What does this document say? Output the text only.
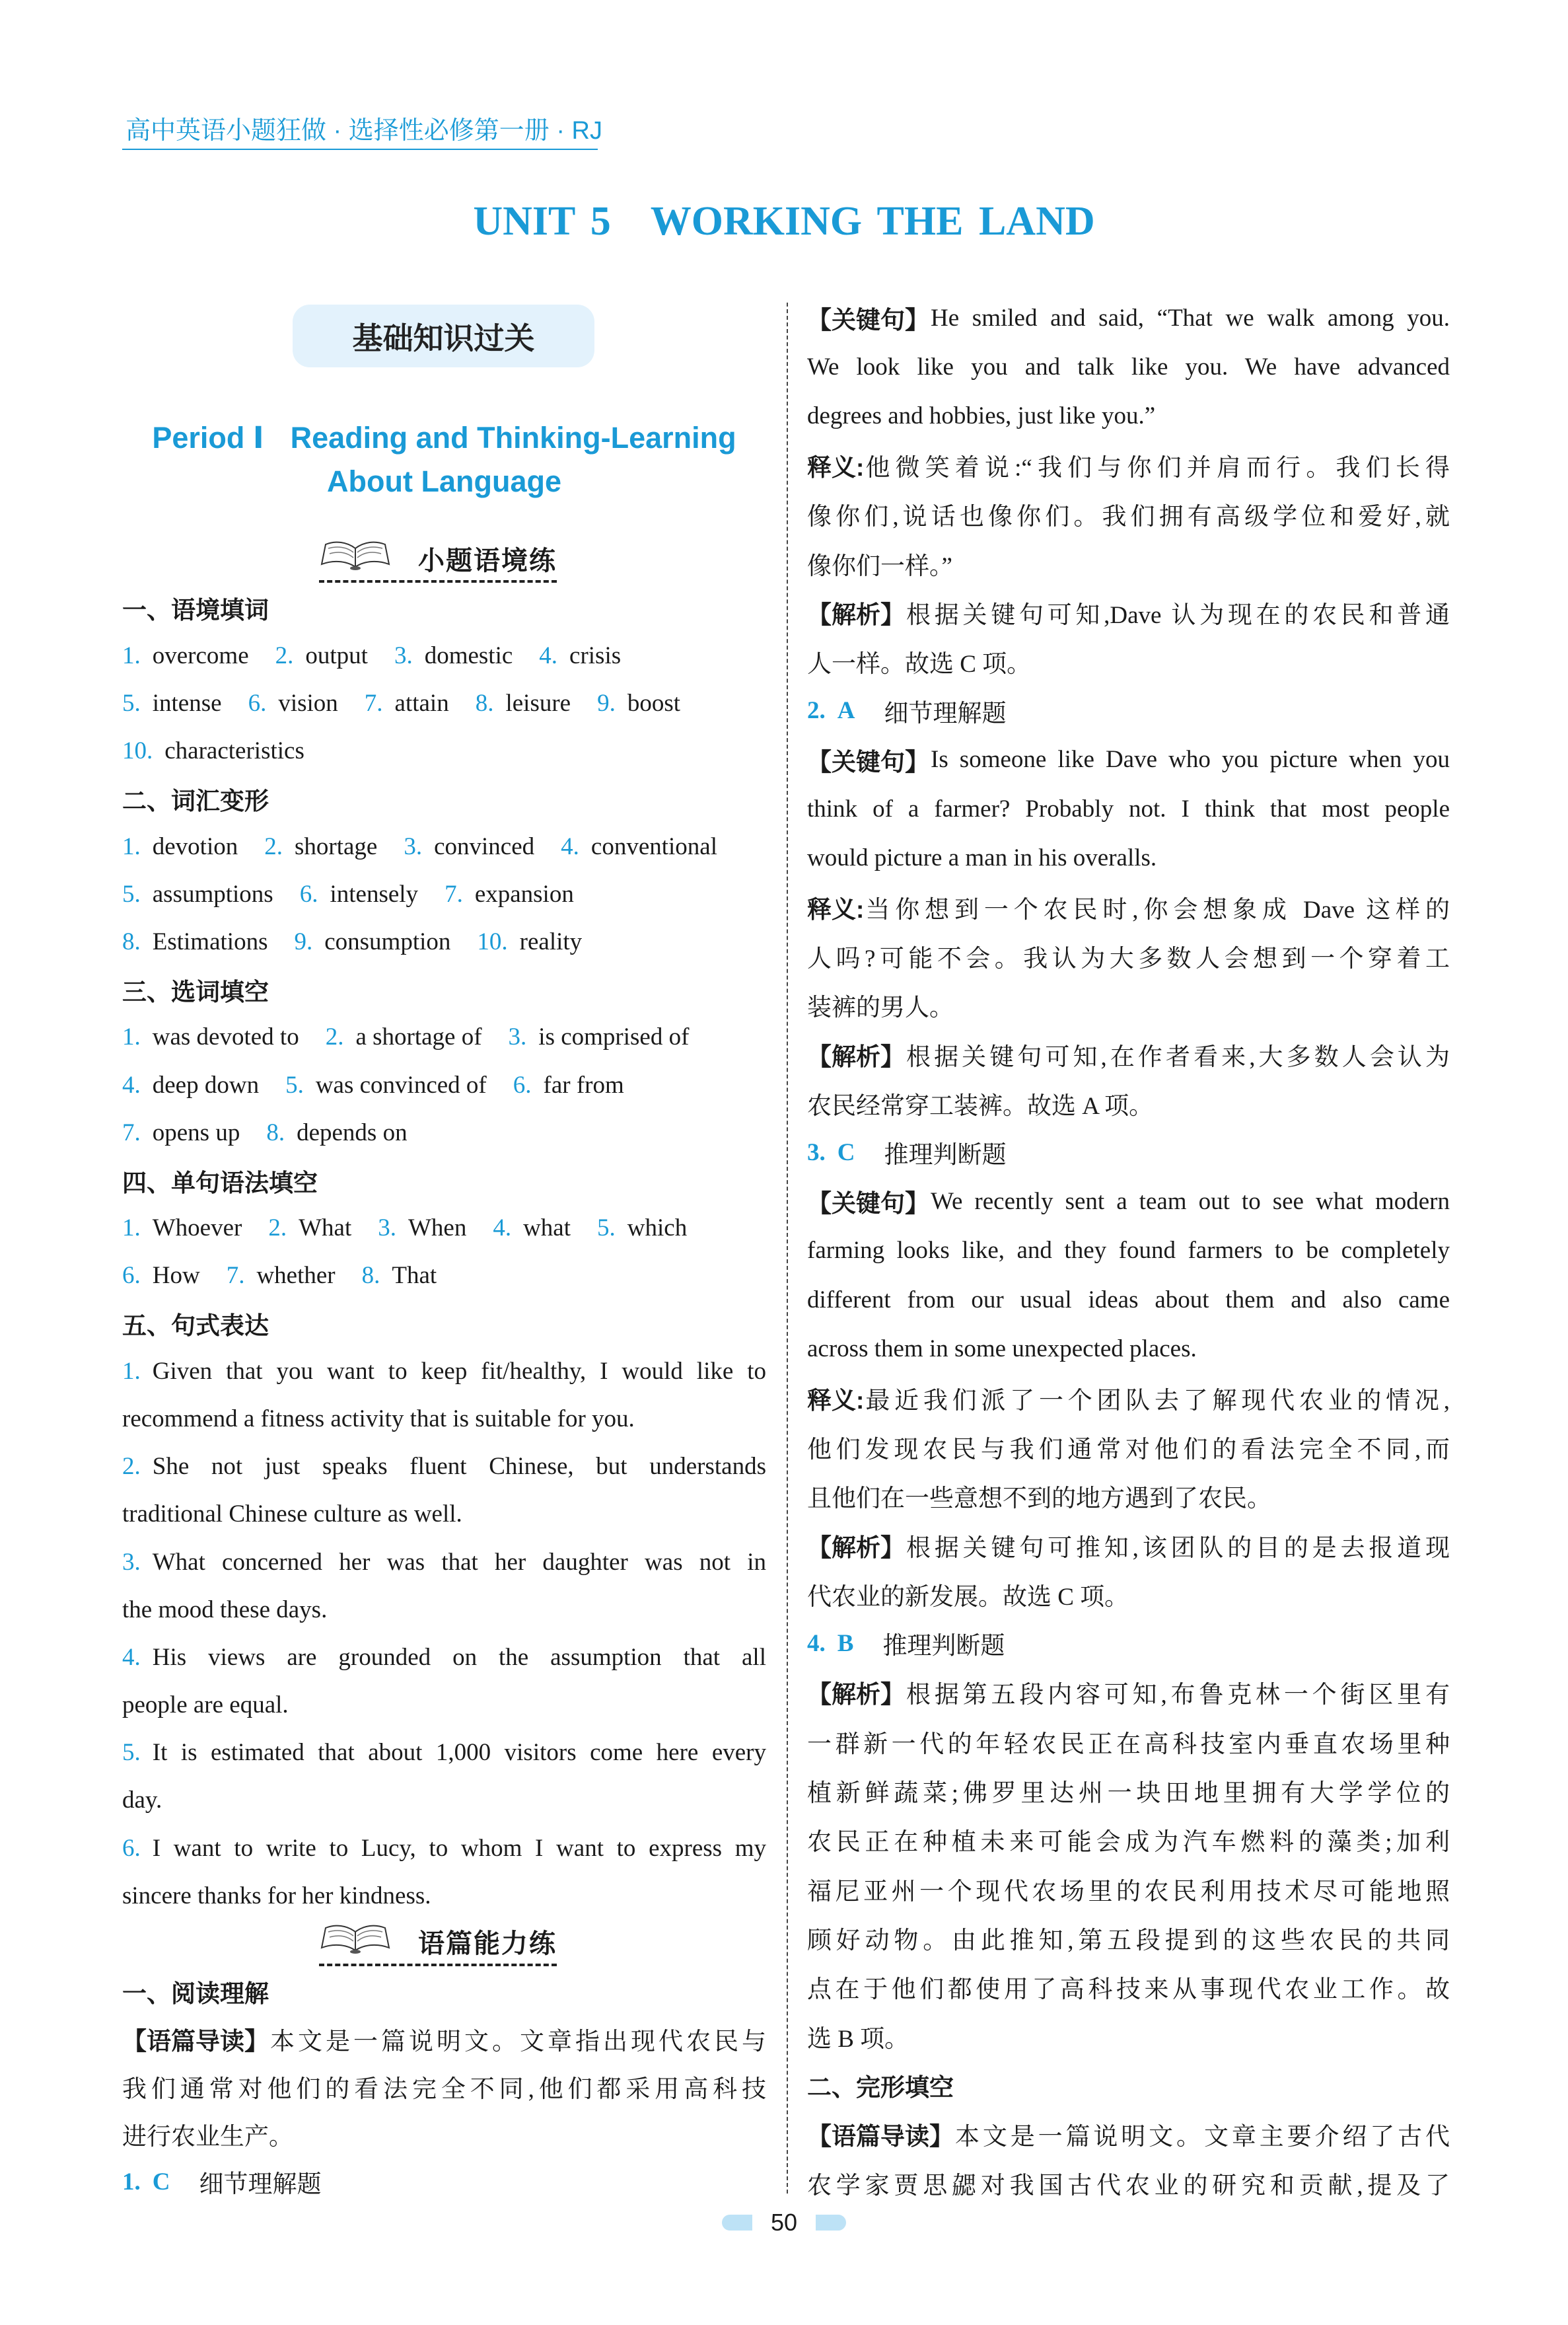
高中英语小题狂做 · 选择性必修第一册 · RJ
UNIT 5 WORKING THE LAND
基础知识过关
Period Ⅰ Reading and Thinking-Learning
About Language
小题语境练
一、语境填词
1. overcome 2. output 3. domestic 4. crisis
5. intense 6. vision 7. attain 8. leisure 9. boost
10. characteristics
二、词汇变形
1. devotion 2. shortage 3. convinced 4. conventional
5. assumptions 6. intensely 7. expansion
8. Estimations 9. consumption 10. reality
三、选词填空
1. was devoted to 2. a shortage of 3. is comprised of
4. deep down 5. was convinced of 6. far from
7. opens up 8. depends on
四、单句语法填空
1. Whoever 2. What 3. When 4. what 5. which
6. How 7. whether 8. That
五、句式表达
1. Given that you want to keep fit/healthy, I would like to
recommend a fitness activity that is suitable for you.
2. She not just speaks fluent Chinese, but understands
traditional Chinese culture as well.
3. What concerned her was that her daughter was not in
the mood these days.
4. His views are grounded on the assumption that all
people are equal.
5. It is estimated that about 1,000 visitors come here every
day.
6. I want to write to Lucy, to whom I want to express my
sincere thanks for her kindness.
语篇能力练
一、阅读理解
【语篇导读】 本文是一篇说明文。文章指出现代农民与
我们通常对他们的看法完全不同,他们都采用高科技
进行农业生产。
1. C 细节理解题
【关键句】 He smiled and said, “That we walk among you.
We look like you and talk like you. We have advanced
degrees and hobbies, just like you.”
释义: 他微笑着说:“我们与你们并肩而行。我们长得
像你们,说话也像你们。我们拥有高级学位和爱好,就
像你们一样。”
【解析】 根据关键句可知,Dave 认为现在的农民和普通
人一样。故选 C 项。
2. A 细节理解题
【关键句】 Is someone like Dave who you picture when you
think of a farmer? Probably not. I think that most people
would picture a man in his overalls.
释义: 当你想到一个农民时,你会想象成 Dave 这样的
人吗?可能不会。我认为大多数人会想到一个穿着工
装裤的男人。
【解析】 根据关键句可知,在作者看来,大多数人会认为
农民经常穿工装裤。故选 A 项。
3. C 推理判断题
【关键句】 We recently sent a team out to see what modern
farming looks like, and they found farmers to be completely
different from our usual ideas about them and also came
across them in some unexpected places.
释义: 最近我们派了一个团队去了解现代农业的情况,
他们发现农民与我们通常对他们的看法完全不同,而
且他们在一些意想不到的地方遇到了农民。
【解析】 根据关键句可推知,该团队的目的是去报道现
代农业的新发展。故选 C 项。
4. B 推理判断题
【解析】 根据第五段内容可知,布鲁克林一个街区里有
一群新一代的年轻农民正在高科技室内垂直农场里种
植新鲜蔬菜;佛罗里达州一块田地里拥有大学学位的
农民正在种植未来可能会成为汽车燃料的藻类;加利
福尼亚州一个现代农场里的农民利用技术尽可能地照
顾好动物。由此推知,第五段提到的这些农民的共同
点在于他们都使用了高科技来从事现代农业工作。故
选 B 项。
二、完形填空
【语篇导读】 本文是一篇说明文。文章主要介绍了古代
农学家贾思勰对我国古代农业的研究和贡献,提及了
50
